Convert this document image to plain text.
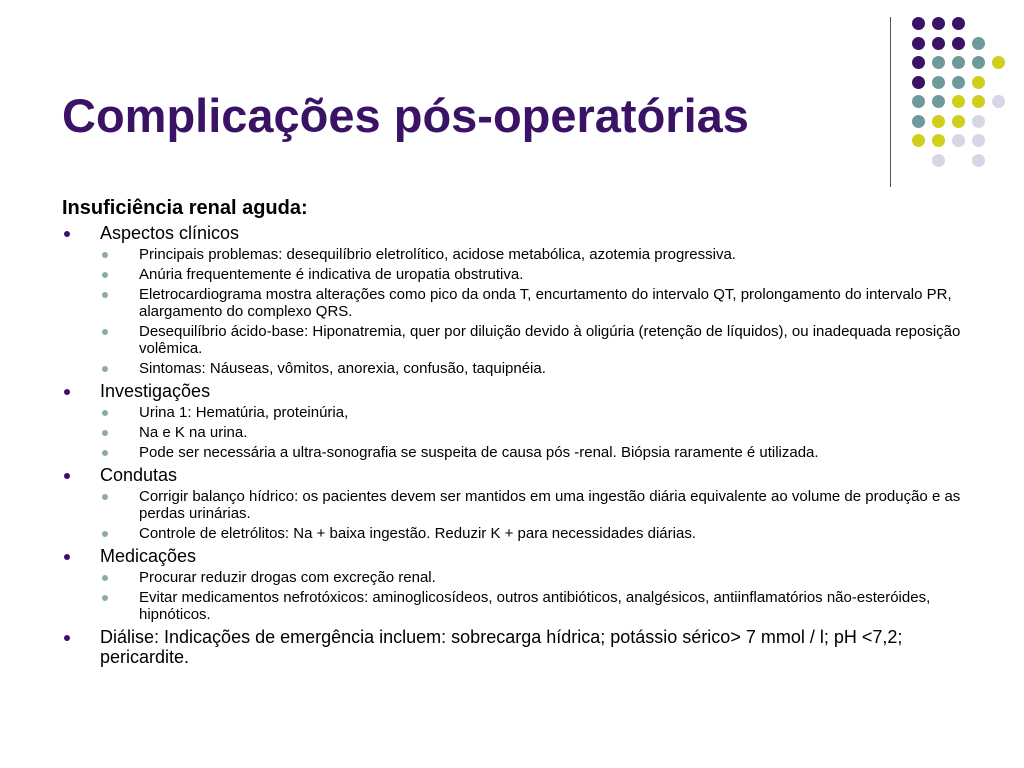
Complicações pós-operatórias
Insuficiência renal aguda:
Aspectos clínicos
Principais problemas: desequilíbrio eletrolítico, acidose metabólica, azotemia progressiva.
Anúria frequentemente é indicativa de uropatia obstrutiva.
Eletrocardiograma mostra alterações como pico da onda T, encurtamento do intervalo QT, prolongamento do intervalo PR, alargamento do complexo QRS.
Desequilíbrio ácido-base: Hiponatremia, quer por diluição devido à oligúria (retenção de líquidos), ou inadequada reposição volêmica.
Sintomas: Náuseas, vômitos, anorexia, confusão, taquipnéia.
Investigações
Urina 1: Hematúria, proteinúria,
Na e K na urina.
Pode ser necessária a ultra-sonografia se suspeita de causa pós -renal. Biópsia raramente é utilizada.
Condutas
Corrigir balanço hídrico: os pacientes devem ser mantidos em uma ingestão diária equivalente ao volume de produção e as perdas urinárias.
Controle de eletrólitos: Na + baixa ingestão. Reduzir K + para necessidades diárias.
Medicações
Procurar reduzir drogas com excreção renal.
Evitar medicamentos nefrotóxicos: aminoglicosídeos, outros antibióticos, analgésicos, antiinflamatórios não-esteróides, hipnóticos.
Diálise: Indicações de emergência incluem: sobrecarga hídrica; potássio sérico> 7 mmol / l; pH <7,2; pericardite.
